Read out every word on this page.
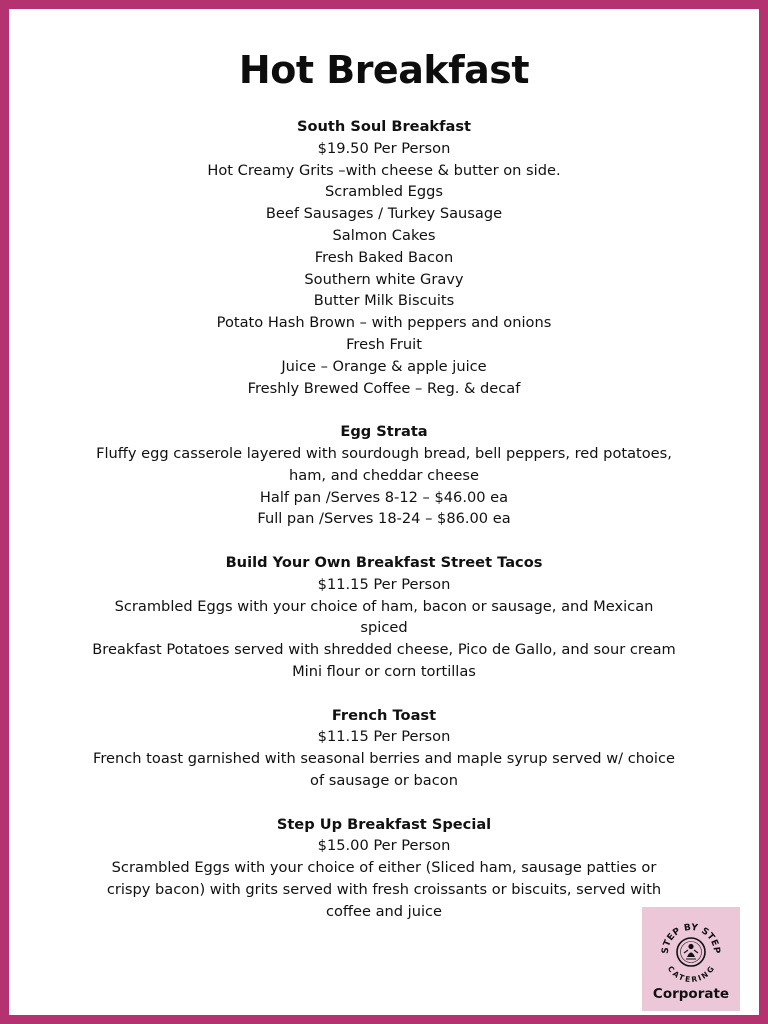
Hot Breakfast
South Soul Breakfast
$19.50 Per Person
Hot Creamy Grits –with cheese & butter on side.
Scrambled Eggs
Beef Sausages / Turkey Sausage
Salmon Cakes
Fresh Baked Bacon
Southern white Gravy
Butter Milk Biscuits
Potato Hash Brown – with peppers and onions
Fresh Fruit
Juice – Orange & apple juice
Freshly Brewed Coffee – Reg. & decaf
Egg Strata
Fluffy egg casserole layered with sourdough bread, bell peppers, red potatoes,
ham, and cheddar cheese
Half pan /Serves 8-12 – $46.00 ea
Full pan /Serves 18-24 – $86.00 ea
Build Your Own Breakfast Street Tacos
$11.15 Per Person
Scrambled Eggs with your choice of ham, bacon or sausage, and Mexican
spiced
Breakfast Potatoes served with shredded cheese, Pico de Gallo, and sour cream
Mini flour or corn tortillas
French Toast
$11.15 Per Person
French toast garnished with seasonal berries and maple syrup served w/ choice
of sausage or bacon
Step Up Breakfast Special
$15.00 Per Person
Scrambled Eggs with your choice of either (Sliced ham, sausage patties or
crispy bacon) with grits served with fresh croissants or biscuits, served with
coffee and juice
STEP BY STEP
CATERING
Corporate
